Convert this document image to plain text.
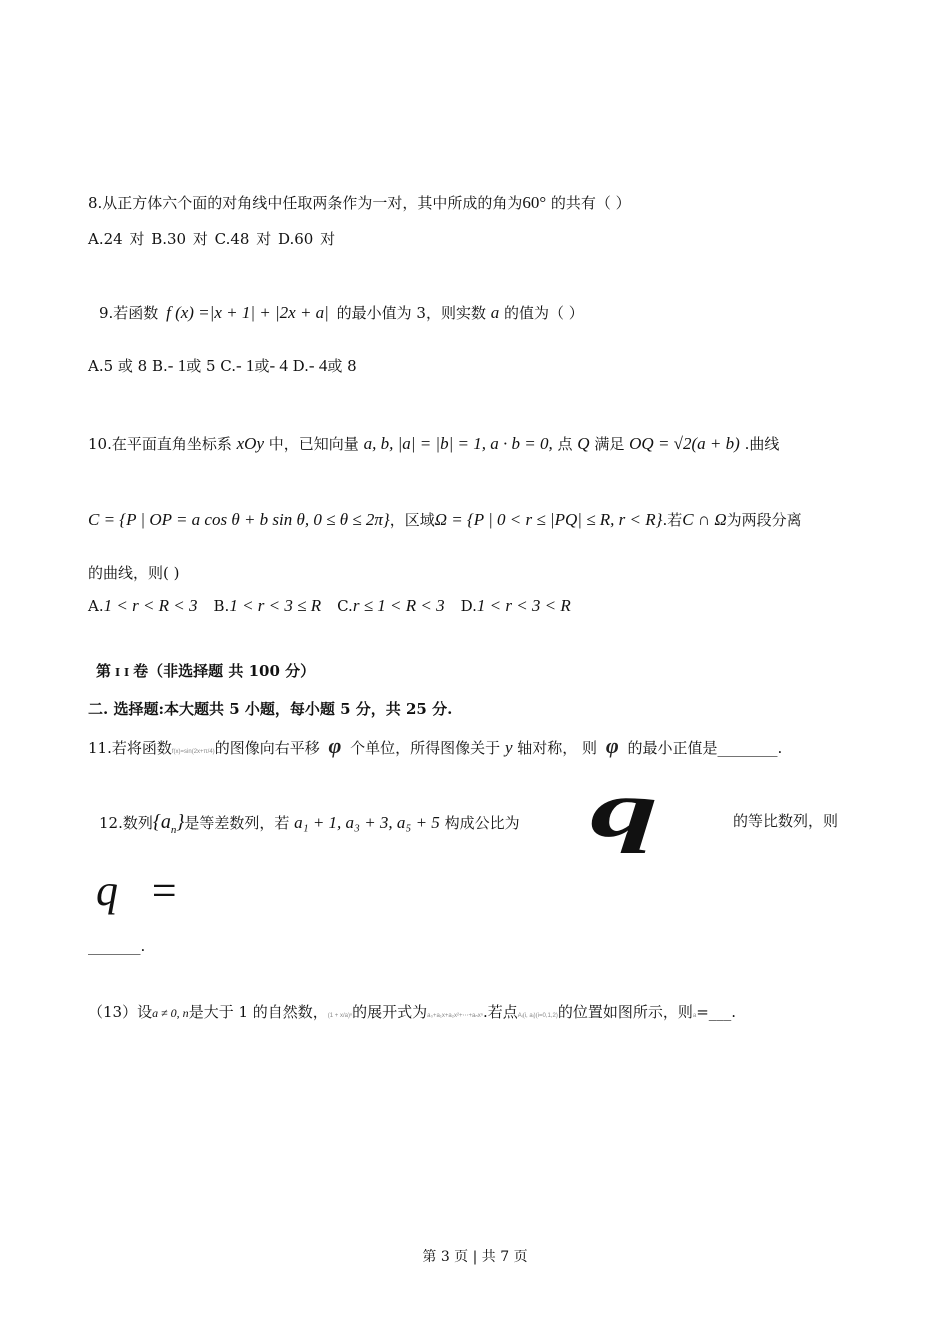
8.从正方体六个面的对角线中任取两条作为一对，其中所成的角为60° 的共有（ ）
A.24 对 B.30 对 C.48 对 D.60 对
9.若函数 f (x) =|x + 1| + |2x + a| 的最小值为 3，则实数 a 的值为（ ）
A.5 或 8 B.- 1或 5 C.- 1或- 4 D.- 4或 8
10.在平面直角坐标系 xOy 中，已知向量 a, b, |a| = |b| = 1, a · b = 0, 点 Q 满足 OQ = √2(a + b) .曲线
C = {P | OP = a cos θ + b sin θ, 0 ≤ θ ≤ 2π}，区域Ω = {P | 0 < r ≤ |PQ| ≤ R, r < R}.若C ∩ Ω为两段分离
的曲线，则( )
A.1 < r < R < 3 B.1 < r < 3 ≤ R C.r ≤ 1 < R < 3 D.1 < r < 3 < R
第 I I 卷（非选择题 共 100 分）
二. 选择题:本大题共 5 小题，每小题 5 分，共 25 分.
11.若将函数f(x)=sin(2x+π/4)的图像向右平移 φ 个单位，所得图像关于 y 轴对称， 则 φ 的最小正值是________.
12.数列$\{a_n\}$是等差数列，若 a₁ + 1, a₃ + 3, a₅ + 5 构成公比为 q	的等比数列，则
q =
_______.
（13）设a ≠ 0, n是大于 1 的自然数，(1 + x/a)ⁿ的展开式为a₀+a₁x+a₂x²+⋯+aₙxⁿ.若点Aᵢ(i, aᵢ)(i=0,1,2)的位置如图所示，则a=___.
第 3 页 | 共 7 页
